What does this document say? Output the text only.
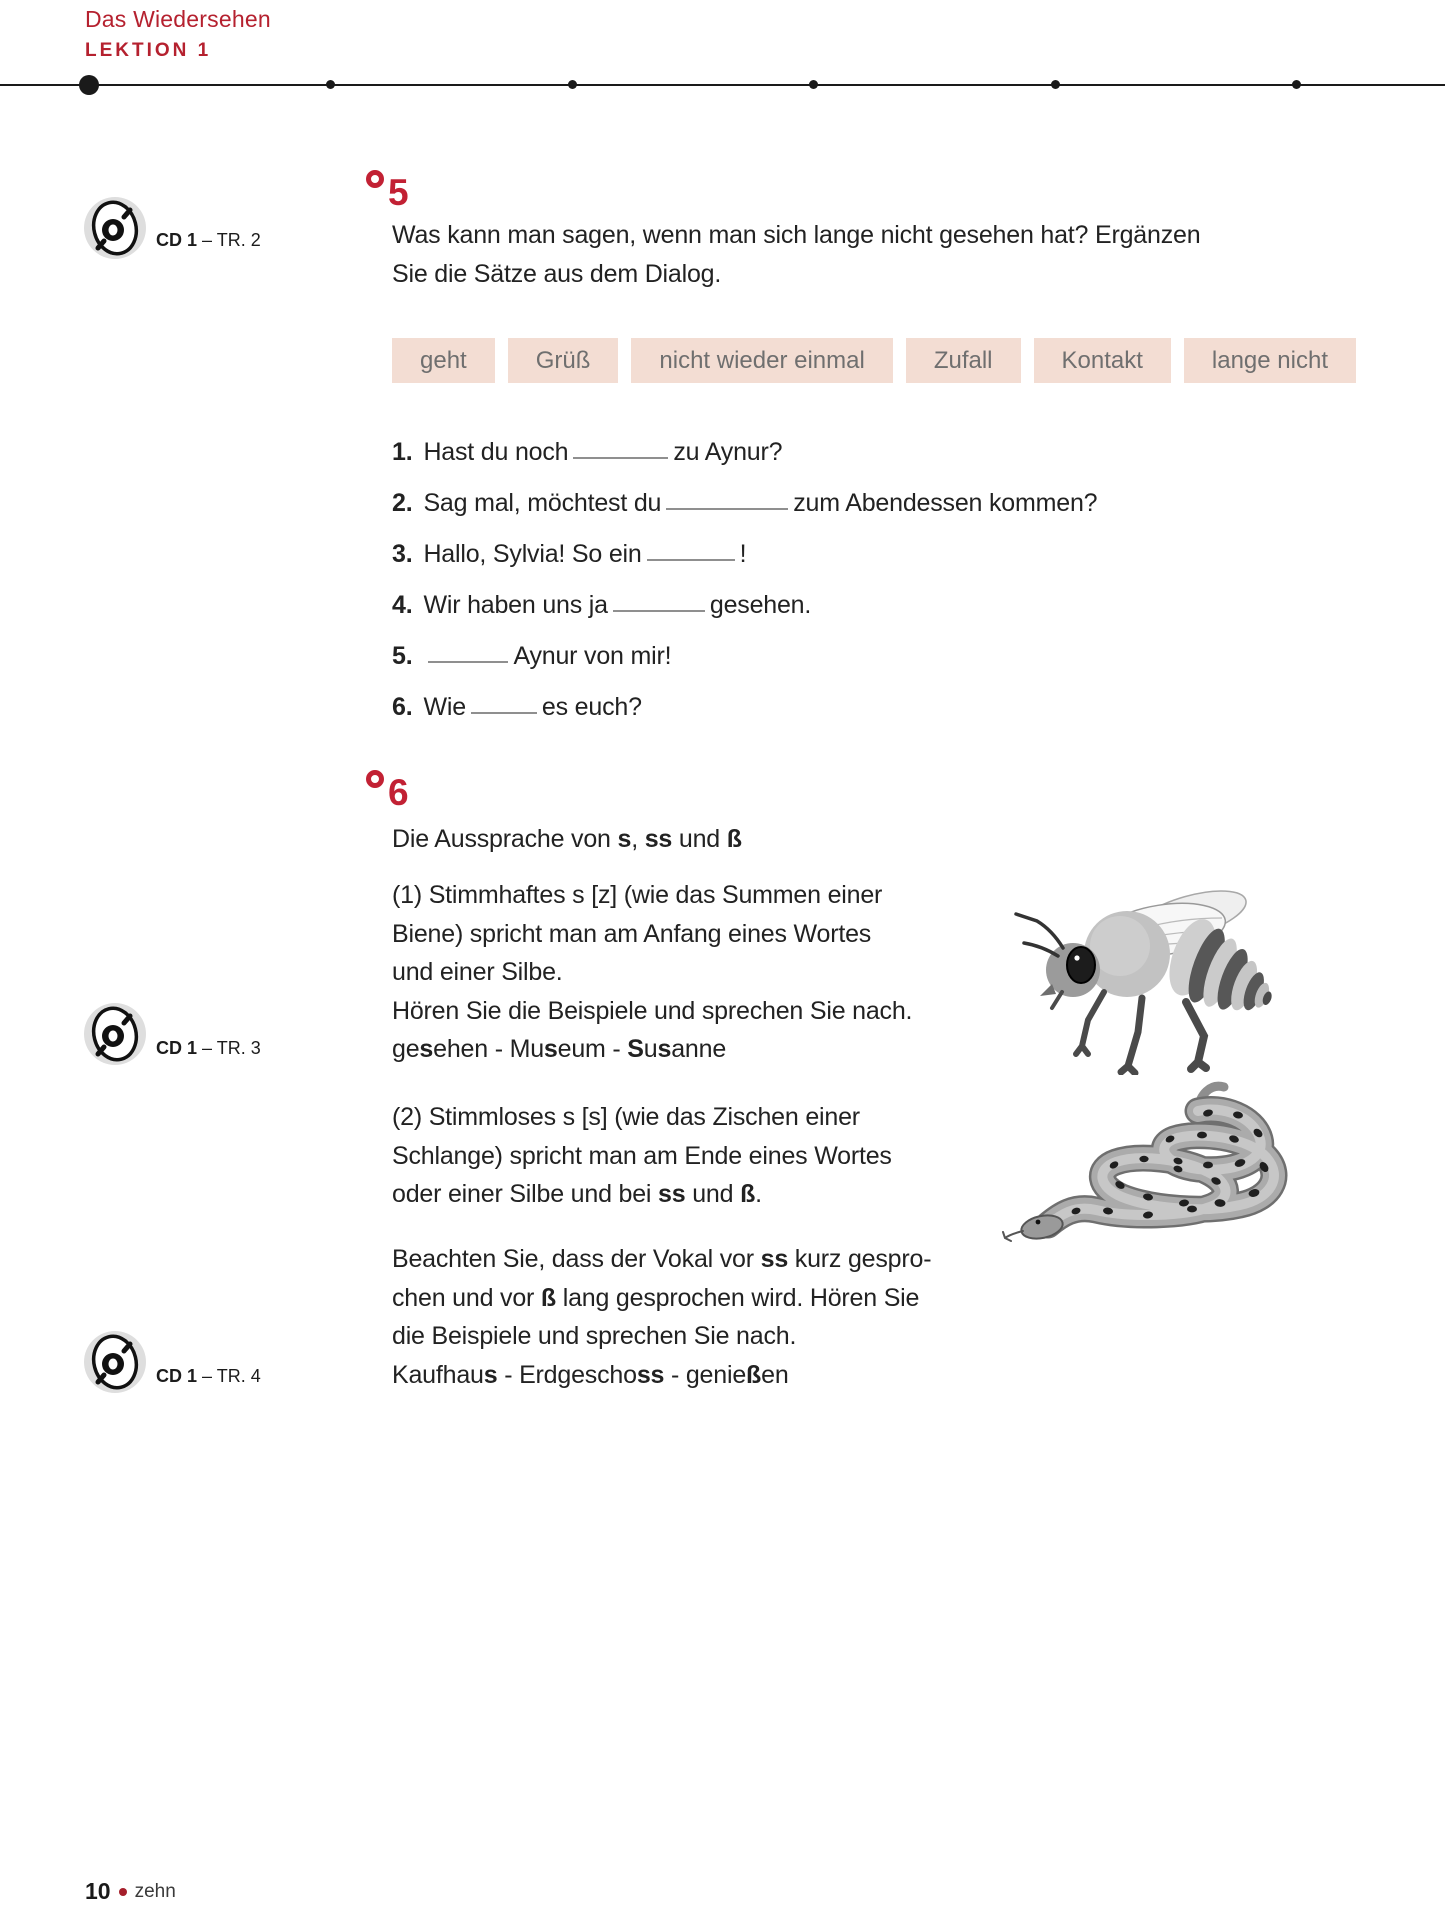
Das Wiedersehen
LEKTION 1
CD 1 – TR. 2
5
Was kann man sagen, wenn man sich lange nicht gesehen hat? Ergänzen
Sie die Sätze aus dem Dialog.
geht	Grüß	nicht wieder einmal	Zufall	Kontakt	lange nicht
1. Hast du noch	zu Aynur?
2. Sag mal, möchtest du	zum Abendessen kommen?
3. Hallo, Sylvia! So ein	!
4. Wir haben uns ja	gesehen.
5.	Aynur von mir!
6. Wie	es euch?
6
Die Aussprache von s, ss und ß
(1) Stimmhaftes s [z] (wie das Summen einer
Biene) spricht man am Anfang eines Wortes
und einer Silbe.
Hören Sie die Beispiele und sprechen Sie nach.
gesehen - Museum - Susanne
CD 1 – TR. 3
(2) Stimmloses s [s] (wie das Zischen einer
Schlange) spricht man am Ende eines Wortes
oder einer Silbe und bei ss und ß.
Beachten Sie, dass der Vokal vor ss kurz gespro-
chen und vor ß lang gesprochen wird. Hören Sie
die Beispiele und sprechen Sie nach.
Kaufhaus - Erdgeschoss - genießen
CD 1 – TR. 4
10 zehn
